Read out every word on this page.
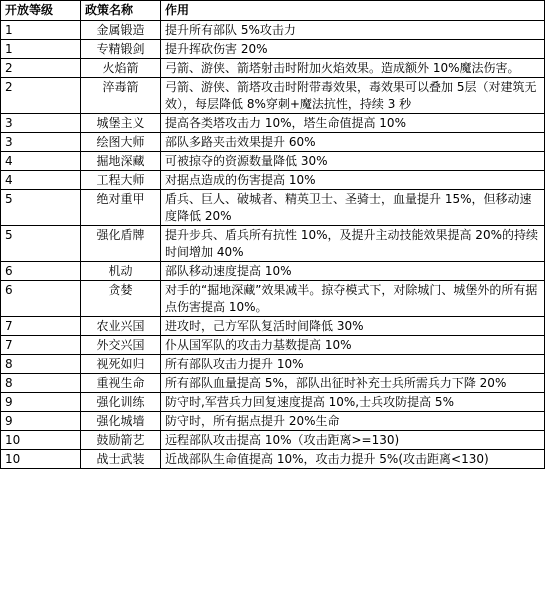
开放等级	政策名称	作用
1	金属锻造	提升所有部队 5%攻击力
1	专精锻剑	提升挥砍伤害 20%
2	火焰箭	弓箭、游侠、箭塔射击时附加火焰效果。造成额外 10%魔法伤害。
2	淬毒箭	弓箭、游侠、箭塔攻击时附带毒效果，毒效果可以叠加 5层（对建筑无效），每层降低 8%穿刺+魔法抗性，持续 3 秒
3	城堡主义	提高各类塔攻击力 10%，塔生命值提高 10%
3	绘图大师	部队多路夹击效果提升 60%
4	掘地深藏	可被掠夺的资源数量降低 30%
4	工程大师	对据点造成的伤害提高 10%
5	绝对重甲	盾兵、巨人、破城者、精英卫士、圣骑士，血量提升 15%，但移动速度降低 20%
5	强化盾牌	提升步兵、盾兵所有抗性 10%，及提升主动技能效果提高 20%的持续时间增加 40%
6	机动	部队移动速度提高 10%
6	贪婪	对手的“掘地深藏”效果减半。掠夺模式下，对除城门、城堡外的所有据点伤害提高 10%。
7	农业兴国	进攻时，己方军队复活时间降低 30%
7	外交兴国	仆从国军队的攻击力基数提高 10%
8	视死如归	所有部队攻击力提升 10%
8	重视生命	所有部队血量提高 5%，部队出征时补充士兵所需兵力下降 20%
9	强化训练	防守时,军营兵力回复速度提高 10%,士兵攻防提高 5%
9	强化城墙	防守时，所有据点提升 20%生命
10	鼓励箭艺	远程部队攻击提高 10%（攻击距离>=130)
10	战士武装	近战部队生命值提高 10%，攻击力提升 5%(攻击距离<130)
